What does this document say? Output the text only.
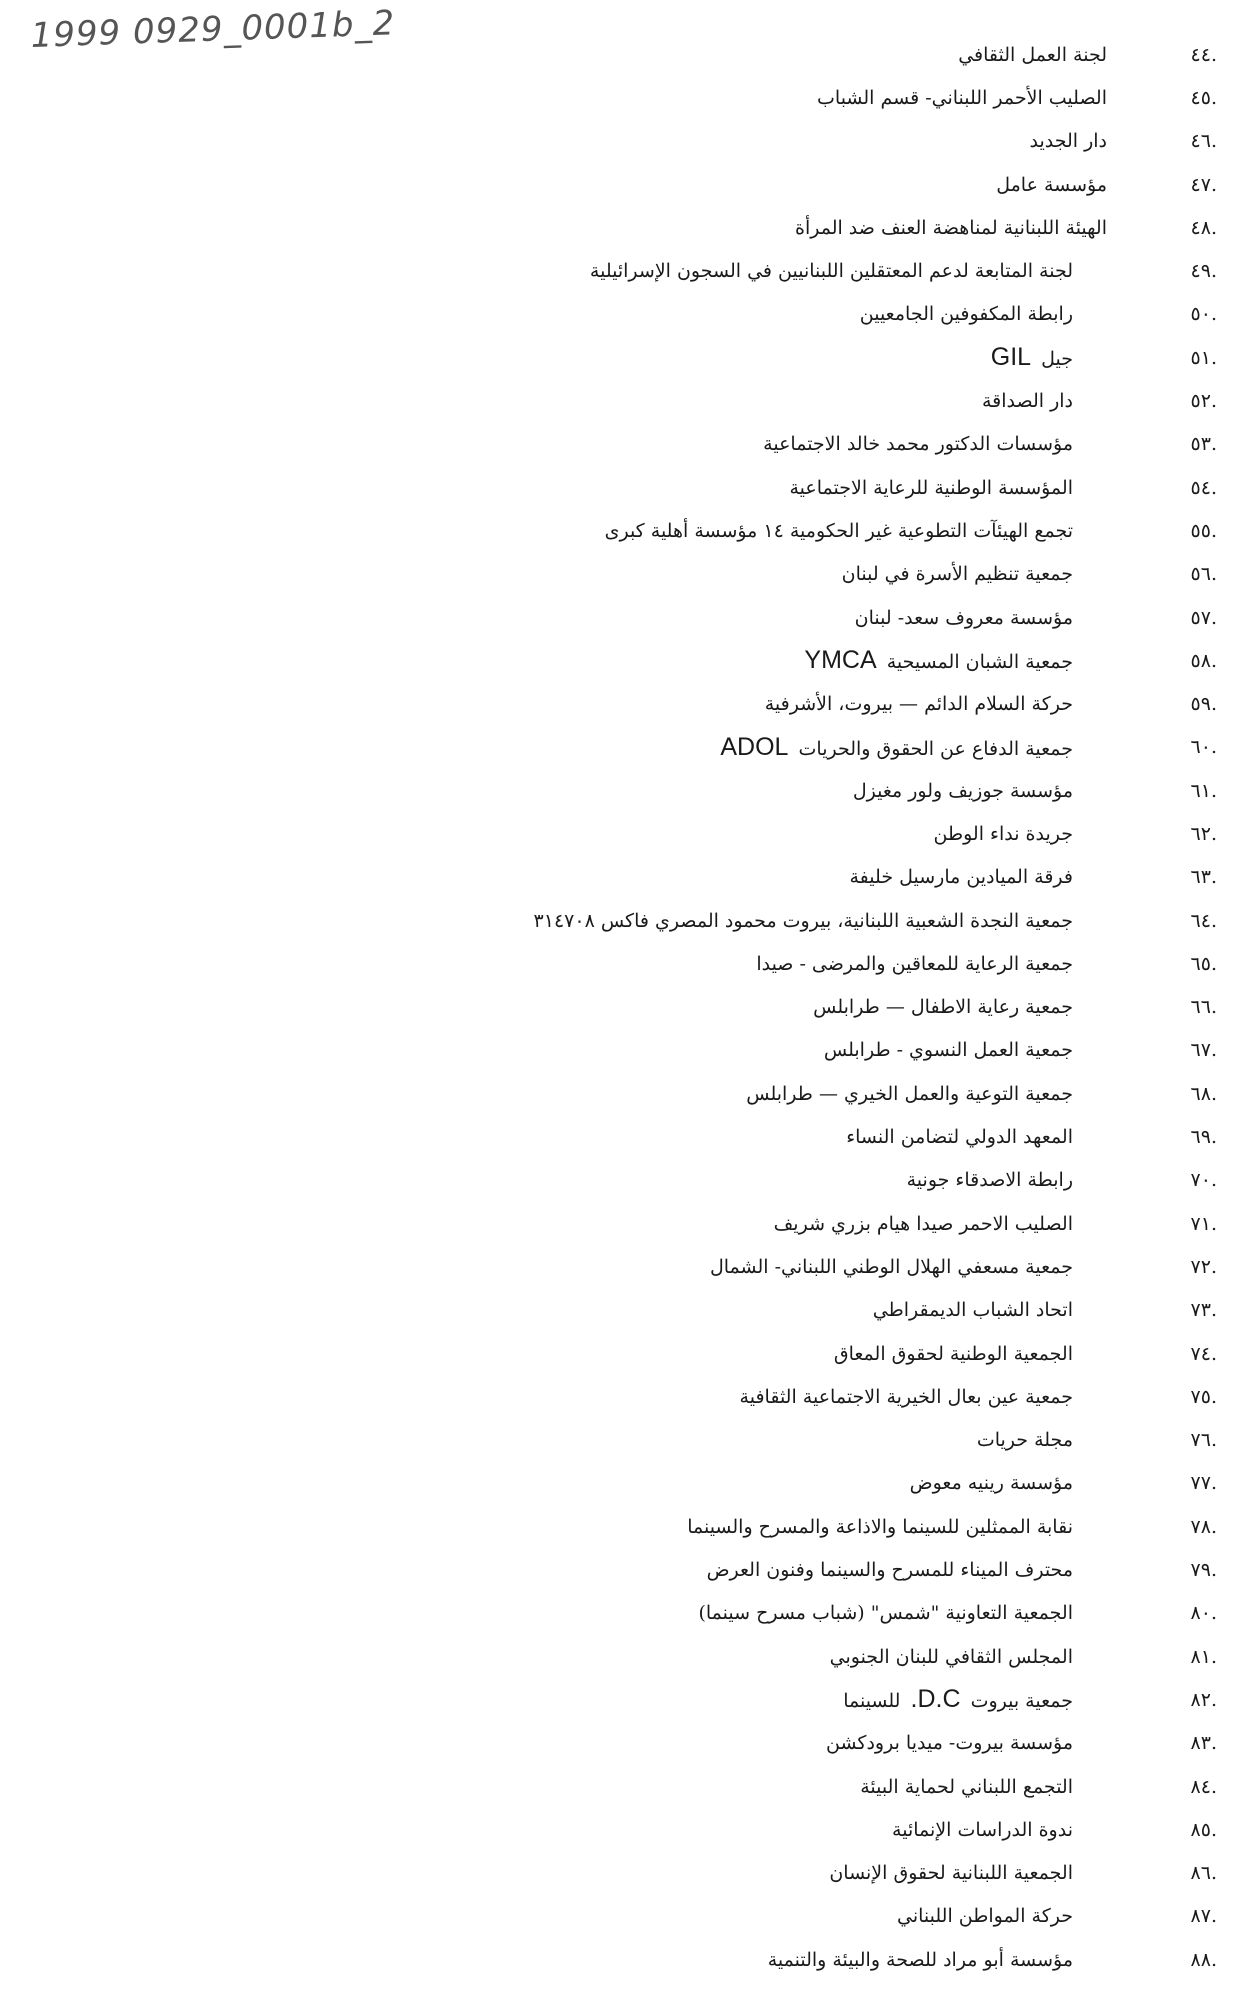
1999 0929_0001b_2	.٤٤
لجنة العمل الثقافي
.٤٥
الصليب الأحمر اللبناني- قسم الشباب
.٤٦
دار الجديد
.٤٧
مؤسسة عامل
.٤٨
الهيئة اللبنانية لمناهضة العنف ضد المرأة
.٤٩
لجنة المتابعة لدعم المعتقلين اللبنانيين في السجون الإسرائيلية
.٥٠
رابطة المكفوفين الجامعيين
.٥١
جيل GIL
.٥٢
دار الصداقة
.٥٣
مؤسسات الدكتور محمد خالد الاجتماعية
.٥٤
المؤسسة الوطنية للرعاية الاجتماعية
.٥٥
تجمع الهيئآت التطوعية غير الحكومية ١٤ مؤسسة أهلية كبرى
.٥٦
جمعية تنظيم الأسرة في لبنان
.٥٧
مؤسسة معروف سعد- لبنان
.٥٨
جمعية الشبان المسيحية YMCA
.٥٩
حركة السلام الدائم — بيروت، الأشرفية
.٦٠
جمعية الدفاع عن الحقوق والحريات ADOL
.٦١
مؤسسة جوزيف ولور مغيزل
.٦٢
جريدة نداء الوطن
.٦٣
فرقة الميادين مارسيل خليفة
.٦٤
جمعية النجدة الشعبية اللبنانية، بيروت محمود المصري فاكس ٣١٤٧٠٨
.٦٥
جمعية الرعاية للمعاقين والمرضى - صيدا
.٦٦
جمعية رعاية الاطفال — طرابلس
.٦٧
جمعية العمل النسوي - طرابلس
.٦٨
جمعية التوعية والعمل الخيري — طرابلس
.٦٩
المعهد الدولي لتضامن النساء
.٧٠
رابطة الاصدقاء جونية
.٧١
الصليب الاحمر صيدا هيام بزري شريف
.٧٢
جمعية مسعفي الهلال الوطني اللبناني- الشمال
.٧٣
اتحاد الشباب الديمقراطي
.٧٤
الجمعية الوطنية لحقوق المعاق
.٧٥
جمعية عين بعال الخيرية الاجتماعية الثقافية
.٧٦
مجلة حريات
.٧٧
مؤسسة رينيه معوض
.٧٨
نقابة الممثلين للسينما والاذاعة والمسرح والسينما
.٧٩
محترف الميناء للمسرح والسينما وفنون العرض
.٨٠
الجمعية التعاونية "شمس" (شباب مسرح سينما)
.٨١
المجلس الثقافي للبنان الجنوبي
.٨٢
جمعية بيروت D.C. للسينما
.٨٣
مؤسسة بيروت- ميديا برودكشن
.٨٤
التجمع اللبناني لحماية البيئة
.٨٥
ندوة الدراسات الإنمائية
.٨٦
الجمعية اللبنانية لحقوق الإنسان
.٨٧
حركة المواطن اللبناني
.٨٨
مؤسسة أبو مراد للصحة والبيئة والتنمية
